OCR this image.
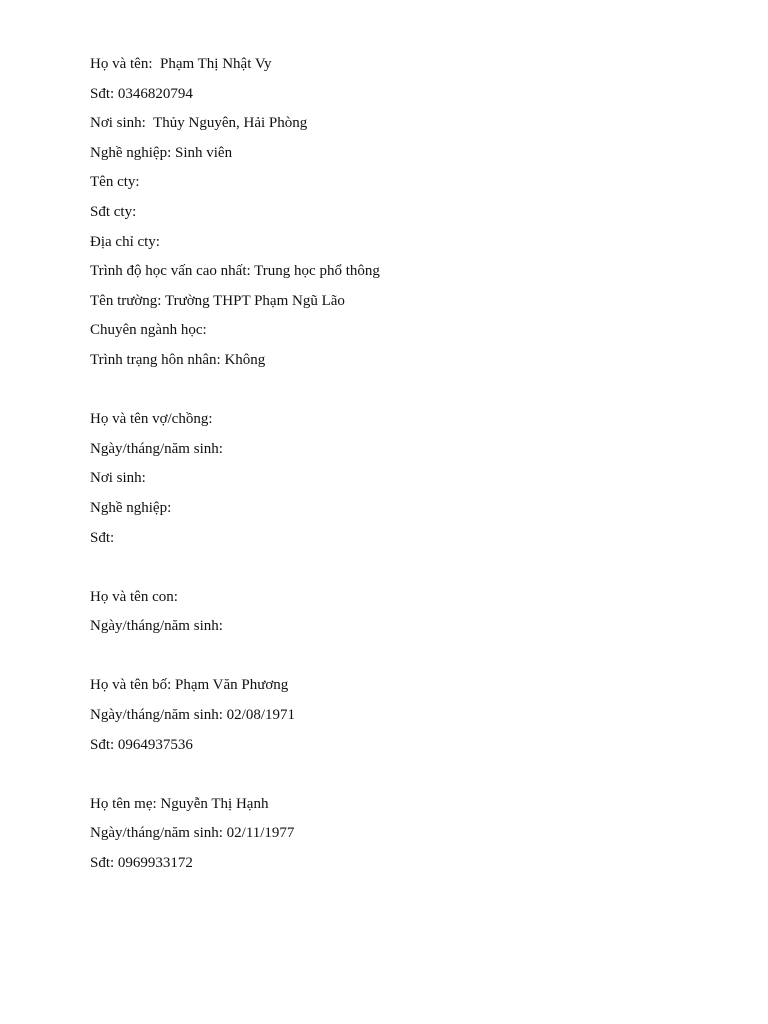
Họ và tên:  Phạm Thị Nhật Vy
Sđt: 0346820794
Nơi sinh:  Thủy Nguyên, Hải Phòng
Nghề nghiệp: Sinh viên
Tên cty:
Sđt cty:
Địa chỉ cty:
Trình độ học vấn cao nhất: Trung học phổ thông
Tên trường: Trường THPT Phạm Ngũ Lão
Chuyên ngành học:
Trình trạng hôn nhân: Không
Họ và tên vợ/chồng:
Ngày/tháng/năm sinh:
Nơi sinh:
Nghề nghiệp:
Sđt:
Họ và tên con:
Ngày/tháng/năm sinh:
Họ và tên bố: Phạm Văn Phương
Ngày/tháng/năm sinh: 02/08/1971
Sđt: 0964937536
Họ tên mẹ: Nguyễn Thị Hạnh
Ngày/tháng/năm sinh: 02/11/1977
Sđt: 0969933172
